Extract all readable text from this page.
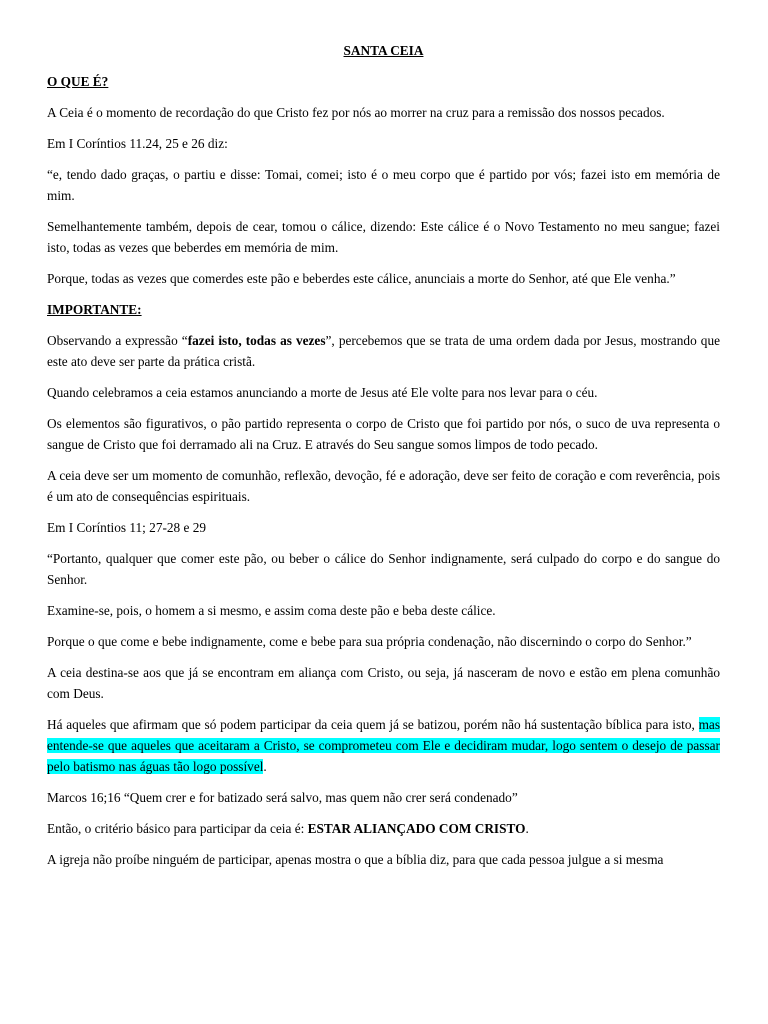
SANTA CEIA
O QUE É?

A Ceia é o momento de recordação do que Cristo fez por nós ao morrer na cruz para a remissão dos nossos pecados.

Em I Coríntios 11.24, 25 e 26 diz:

“e, tendo dado graças, o partiu e disse: Tomai, comei; isto é o meu corpo que é partido por vós; fazei isto em memória de mim.

Semelhantemente também, depois de cear, tomou o cálice, dizendo: Este cálice é o Novo Testamento no meu sangue; fazei isto, todas as vezes que beberdes em memória de mim.

Porque, todas as vezes que comerdes este pão e beberdes este cálice, anunciais a morte do Senhor, até que Ele venha.”

IMPORTANTE:

Observando a expressão “fazei isto, todas as vezes”, percebemos que se trata de uma ordem dada por Jesus, mostrando que este ato deve ser parte da prática cristã.

Quando celebramos a ceia estamos anunciando a morte de Jesus até Ele volte para nos levar para o céu.

Os elementos são figurativos, o pão partido representa o corpo de Cristo que foi partido por nós, o suco de uva representa o sangue de Cristo que foi derramado ali na Cruz. E através do Seu sangue somos limpos de todo pecado.

A ceia deve ser um momento de comunhão, reflexão, devoção, fé e adoração, deve ser feito de coração e com reverência, pois é um ato de consequências espirituais.

Em I Coríntios 11; 27-28 e 29

“Portanto, qualquer que comer este pão, ou beber o cálice do Senhor indignamente, será culpado do corpo e do sangue do Senhor.

Examine-se, pois, o homem a si mesmo, e assim coma deste pão e beba deste cálice.

Porque o que come e bebe indignamente, come e bebe para sua própria condenação, não discernindo o corpo do Senhor.”

A ceia destina-se aos que já se encontram em aliança com Cristo, ou seja, já nasceram de novo e estão em plena comunhão com Deus.

Há aqueles que afirmam que só podem participar da ceia quem já se batizou, porém não há sustentação bíblica para isto, mas entende-se que aqueles que aceitaram a Cristo, se comprometeu com Ele e decidiram mudar, logo sentem o desejo de passar pelo batismo nas águas tão logo possível.

Marcos 16;16 “Quem crer e for batizado será salvo, mas quem não crer será condenado”

Então, o critério básico para participar da ceia é: ESTAR ALIANÇADO COM CRISTO.

A igreja não proíbe ninguém de participar, apenas mostra o que a bíblia diz, para que cada pessoa julgue a si mesma
